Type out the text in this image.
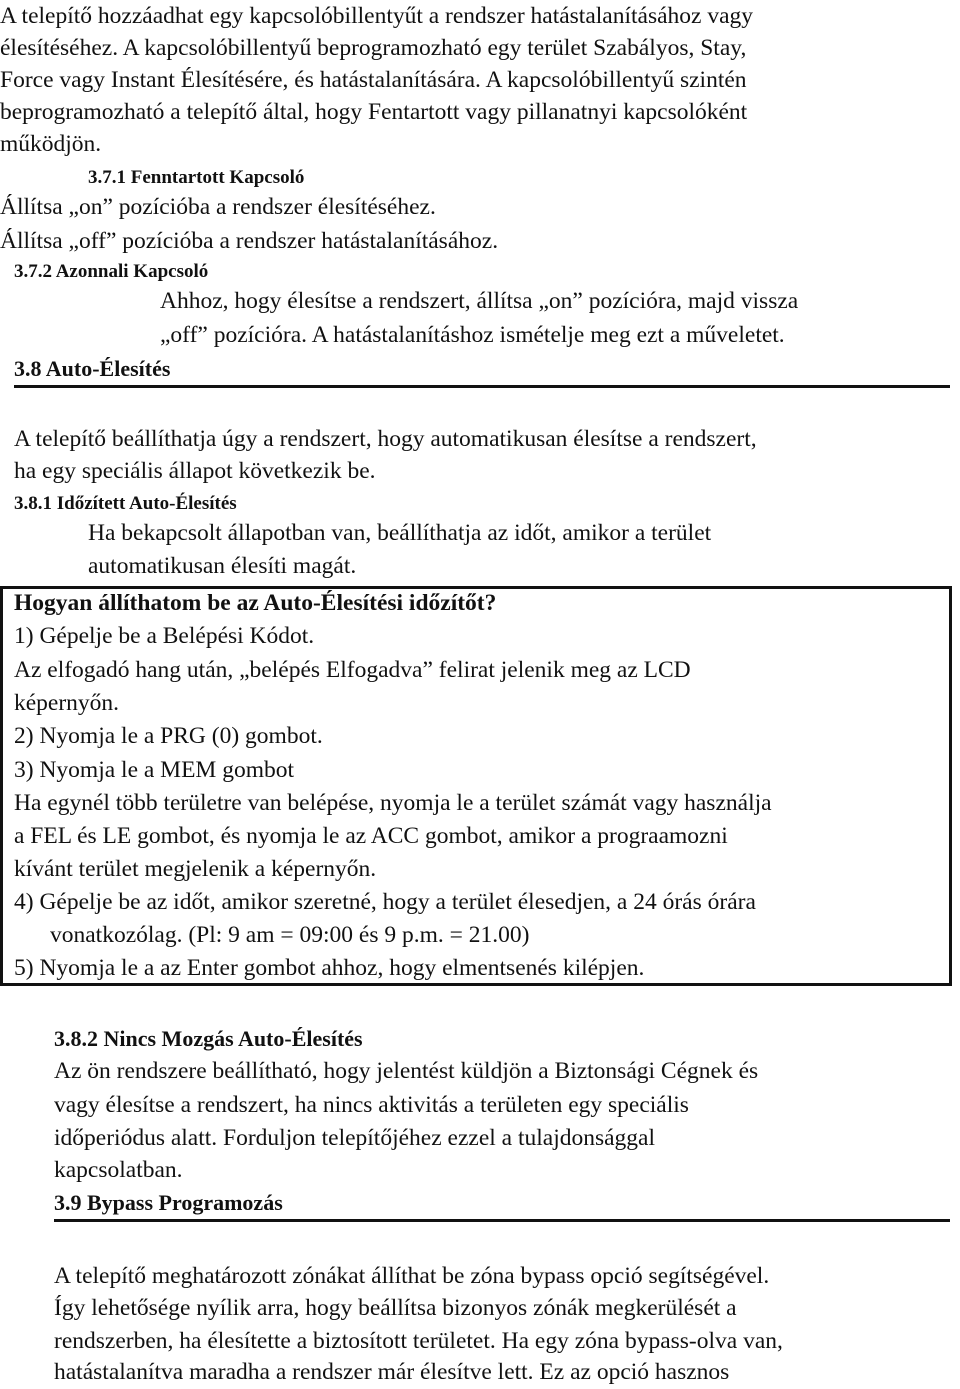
A telepítő hozzáadhat egy kapcsolóbillentyűt a rendszer hatástalanításához vagy
élesítéséhez. A kapcsolóbillentyű beprogramozható egy terület Szabályos, Stay,
Force vagy Instant Élesítésére, és hatástalanítására. A kapcsolóbillentyű szintén
beprogramozható a telepítő által, hogy Fentartott vagy pillanatnyi kapcsolóként
működjön.
3.7.1 Fenntartott Kapcsoló
Állítsa „on” pozícióba a rendszer élesítéséhez.
Állítsa „off” pozícióba a rendszer hatástalanításához.
3.7.2 Azonnali Kapcsoló
Ahhoz, hogy élesítse a rendszert, állítsa „on” pozícióra, majd vissza
„off” pozícióra. A hatástalanításhoz ismételje meg ezt a műveletet.
3.8 Auto-Élesítés
A telepítő beállíthatja úgy a rendszert, hogy automatikusan élesítse a rendszert,
ha egy speciális állapot következik be.
3.8.1 Időzített Auto-Élesítés
Ha bekapcsolt állapotban van, beállíthatja az időt, amikor a terület
automatikusan élesíti magát.
Hogyan állíthatom be az Auto-Élesítési időzítőt?
1) Gépelje be a Belépési Kódot.
Az elfogadó hang után, „belépés Elfogadva” felirat jelenik meg az LCD
képernyőn.
2) Nyomja le a PRG (0) gombot.
3) Nyomja le a MEM gombot
Ha egynél több területre van belépése, nyomja le a terület számát vagy használja
a FEL és LE gombot, és nyomja le az ACC gombot, amikor a prograamozni
kívánt terület megjelenik a képernyőn.
4) Gépelje be az időt, amikor szeretné, hogy a terület élesedjen, a 24 órás órára
vonatkozólag. (Pl: 9 am = 09:00 és 9 p.m. = 21.00)
5) Nyomja le a az Enter gombot ahhoz, hogy elmentsenés kilépjen.
3.8.2 Nincs Mozgás Auto-Élesítés
Az ön rendszere beállítható, hogy jelentést küldjön a Biztonsági Cégnek és
vagy élesítse a rendszert, ha nincs aktivitás a területen egy speciális
időperiódus alatt. Forduljon telepítőjéhez ezzel a tulajdonsággal
kapcsolatban.
3.9 Bypass Programozás
A telepítő meghatározott zónákat állíthat be zóna bypass opció segítségével.
Így lehetősége nyílik arra, hogy beállítsa bizonyos zónák megkerülését a
rendszerben, ha élesítette a biztosított területet. Ha egy zóna bypass-olva van,
hatástalanítva maradha a rendszer már élesítve lett. Ez az opció hasznos
